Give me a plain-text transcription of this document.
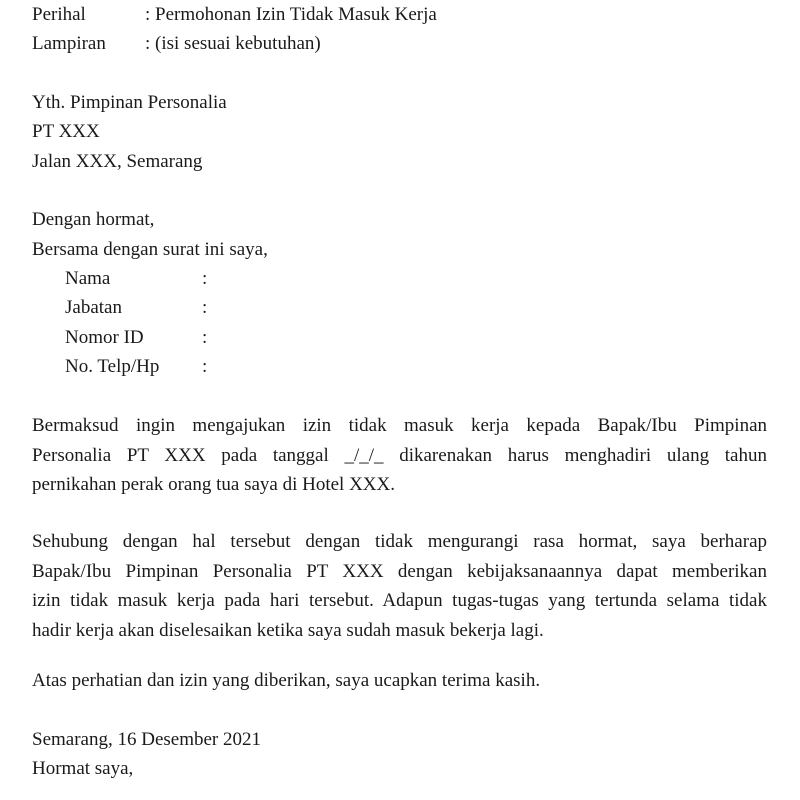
Perihal	: Permohonan Izin Tidak Masuk Kerja
Lampiran : (isi sesuai kebutuhan)
Yth. Pimpinan Personalia
PT XXX
Jalan XXX, Semarang
Dengan hormat,
Bersama dengan surat ini saya,
Nama	:
Jabatan	:
Nomor ID	:
No. Telp/Hp :
Bermaksud ingin mengajukan izin tidak masuk kerja kepada Bapak/Ibu Pimpinan
Personalia PT XXX pada tanggal _/_/_ dikarenakan harus menghadiri ulang tahun
pernikahan perak orang tua saya di Hotel XXX.
Sehubung dengan hal tersebut dengan tidak mengurangi rasa hormat, saya berharap
Bapak/Ibu Pimpinan Personalia PT XXX dengan kebijaksanaannya dapat memberikan
izin tidak masuk kerja pada hari tersebut. Adapun tugas-tugas yang tertunda selama tidak
hadir kerja akan diselesaikan ketika saya sudah masuk bekerja lagi.
Atas perhatian dan izin yang diberikan, saya ucapkan terima kasih.
Semarang, 16 Desember 2021
Hormat saya,
